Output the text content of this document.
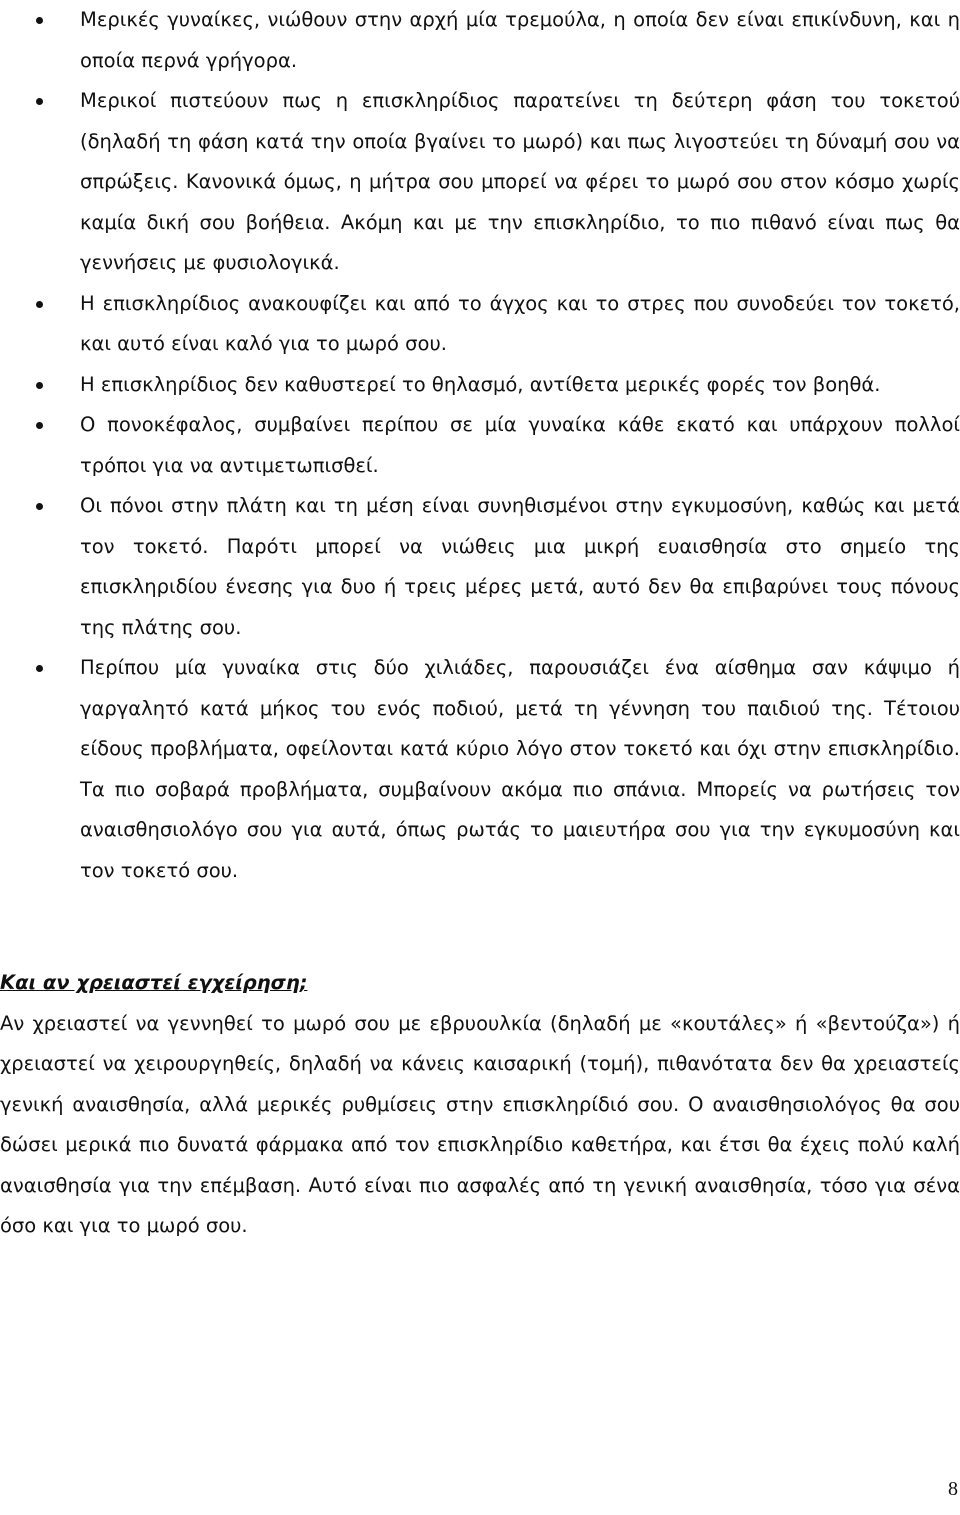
Μερικές γυναίκες, νιώθουν στην αρχή μία τρεμούλα, η οποία δεν είναι επικίνδυνη, και η οποία περνά γρήγορα.
Μερικοί πιστεύουν πως η επισκληρίδιος παρατείνει τη δεύτερη φάση του τοκετού (δηλαδή τη φάση κατά την οποία βγαίνει το μωρό) και πως λιγοστεύει τη δύναμή σου να σπρώξεις. Κανονικά όμως, η μήτρα σου μπορεί να φέρει το μωρό σου στον κόσμο χωρίς καμία δική σου βοήθεια. Ακόμη και με την επισκληρίδιο, το πιο πιθανό είναι πως θα γεννήσεις με φυσιολογικά.
Η επισκληρίδιος ανακουφίζει και από το άγχος και το στρες που συνοδεύει τον τοκετό, και αυτό είναι καλό για το μωρό σου.
Η επισκληρίδιος δεν καθυστερεί το θηλασμό, αντίθετα μερικές φορές τον βοηθά.
Ο πονοκέφαλος, συμβαίνει περίπου σε μία γυναίκα κάθε εκατό και υπάρχουν πολλοί τρόποι για να αντιμετωπισθεί.
Οι πόνοι στην πλάτη και τη μέση είναι συνηθισμένοι στην εγκυμοσύνη, καθώς και μετά τον τοκετό. Παρότι μπορεί να νιώθεις μια μικρή ευαισθησία στο σημείο της επισκληριδίου ένεσης για δυο ή τρεις μέρες μετά, αυτό δεν θα επιβαρύνει τους πόνους της πλάτης σου.
Περίπου μία γυναίκα στις δύο χιλιάδες, παρουσιάζει ένα αίσθημα σαν κάψιμο ή γαργαλητό κατά μήκος του ενός ποδιού, μετά τη γέννηση του παιδιού της. Τέτοιου είδους προβλήματα, οφείλονται κατά κύριο λόγο στον τοκετό και όχι στην επισκληρίδιο. Τα πιο σοβαρά προβλήματα, συμβαίνουν ακόμα πιο σπάνια. Μπορείς να ρωτήσεις τον αναισθησιολόγο σου για αυτά, όπως ρωτάς το μαιευτήρα σου για την εγκυμοσύνη και τον τοκετό σου.
Και αν χρειαστεί εγχείρηση;

Αν χρειαστεί να γεννηθεί το μωρό σου με εβρυουλκία (δηλαδή με «κουτάλες» ή «βεντούζα») ή χρειαστεί να χειρουργηθείς, δηλαδή να κάνεις καισαρική (τομή), πιθανότατα δεν θα χρειαστείς γενική αναισθησία, αλλά μερικές ρυθμίσεις στην επισκληρίδιό σου. Ο αναισθησιολόγος θα σου δώσει μερικά πιο δυνατά φάρμακα από τον επισκληρίδιο καθετήρα, και έτσι θα έχεις πολύ καλή αναισθησία για την επέμβαση. Αυτό είναι πιο ασφαλές από τη γενική αναισθησία, τόσο για σένα όσο και για το μωρό σου.

8
